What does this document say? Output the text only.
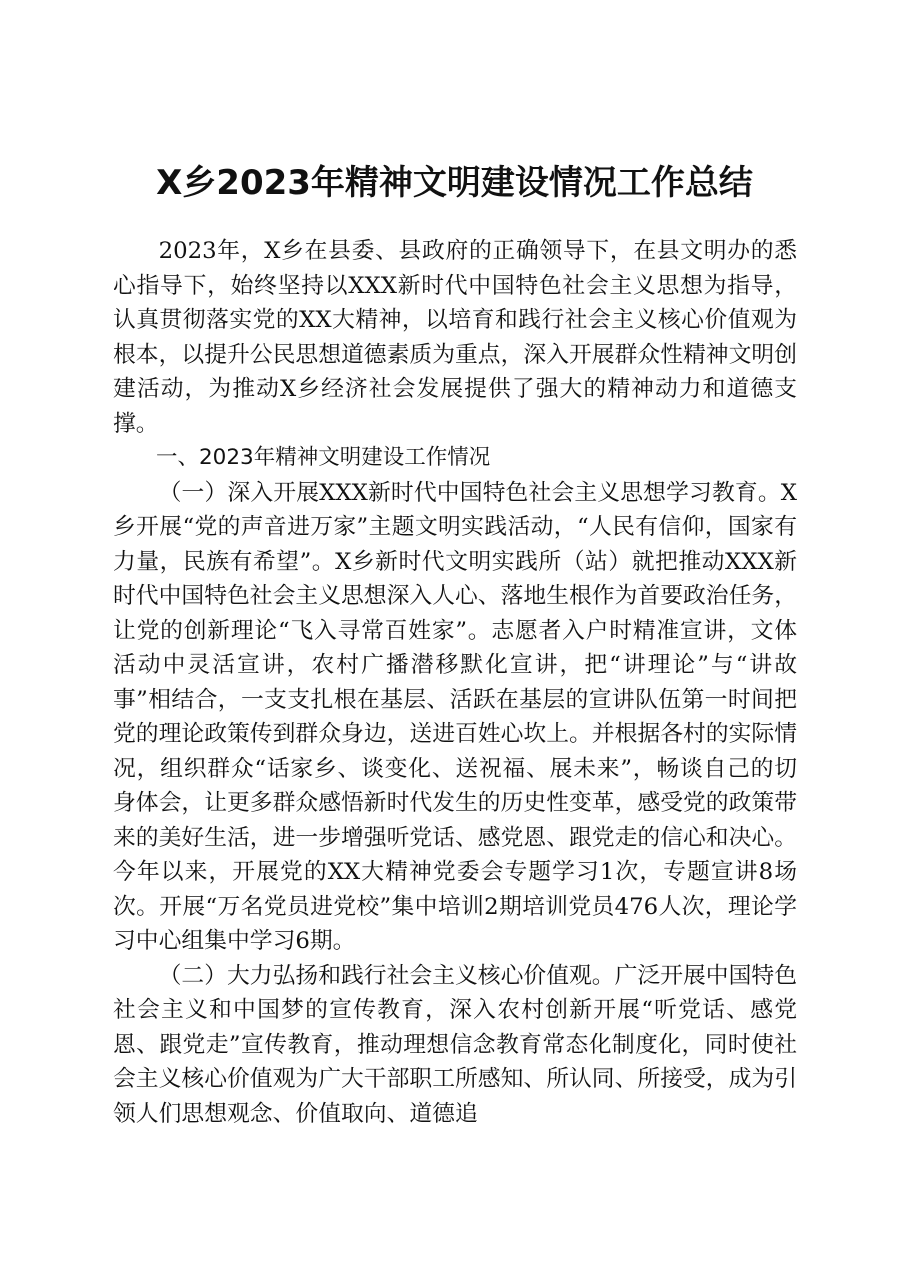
X乡2023年精神文明建设情况工作总结

2023年，X乡在县委、县政府的正确领导下，在县文明办的悉心指导下，始终坚持以XXX新时代中国特色社会主义思想为指导，认真贯彻落实党的XX大精神，以培育和践行社会主义核心价值观为根本，以提升公民思想道德素质为重点，深入开展群众性精神文明创建活动，为推动X乡经济社会发展提供了强大的精神动力和道德支撑。

一、2023年精神文明建设工作情况

（一）深入开展XXX新时代中国特色社会主义思想学习教育。X乡开展“党的声音进万家”主题文明实践活动，“人民有信仰，国家有力量，民族有希望”。X乡新时代文明实践所（站）就把推动XXX新时代中国特色社会主义思想深入人心、落地生根作为首要政治任务，让党的创新理论“飞入寻常百姓家”。志愿者入户时精准宣讲，文体活动中灵活宣讲，农村广播潜移默化宣讲，把“讲理论”与“讲故事”相结合，一支支扎根在基层、活跃在基层的宣讲队伍第一时间把党的理论政策传到群众身边，送进百姓心坎上。并根据各村的实际情况，组织群众“话家乡、谈变化、送祝福、展未来”，畅谈自己的切身体会，让更多群众感悟新时代发生的历史性变革，感受党的政策带来的美好生活，进一步增强听党话、感党恩、跟党走的信心和决心。今年以来，开展党的XX大精神党委会专题学习1次，专题宣讲8场次。开展“万名党员进党校”集中培训2期培训党员476人次，理论学习中心组集中学习6期。

（二）大力弘扬和践行社会主义核心价值观。广泛开展中国特色社会主义和中国梦的宣传教育，深入农村创新开展“听党话、感党恩、跟党走”宣传教育，推动理想信念教育常态化制度化，同时使社会主义核心价值观为广大干部职工所感知、所认同、所接受，成为引领人们思想观念、价值取向、道德追
